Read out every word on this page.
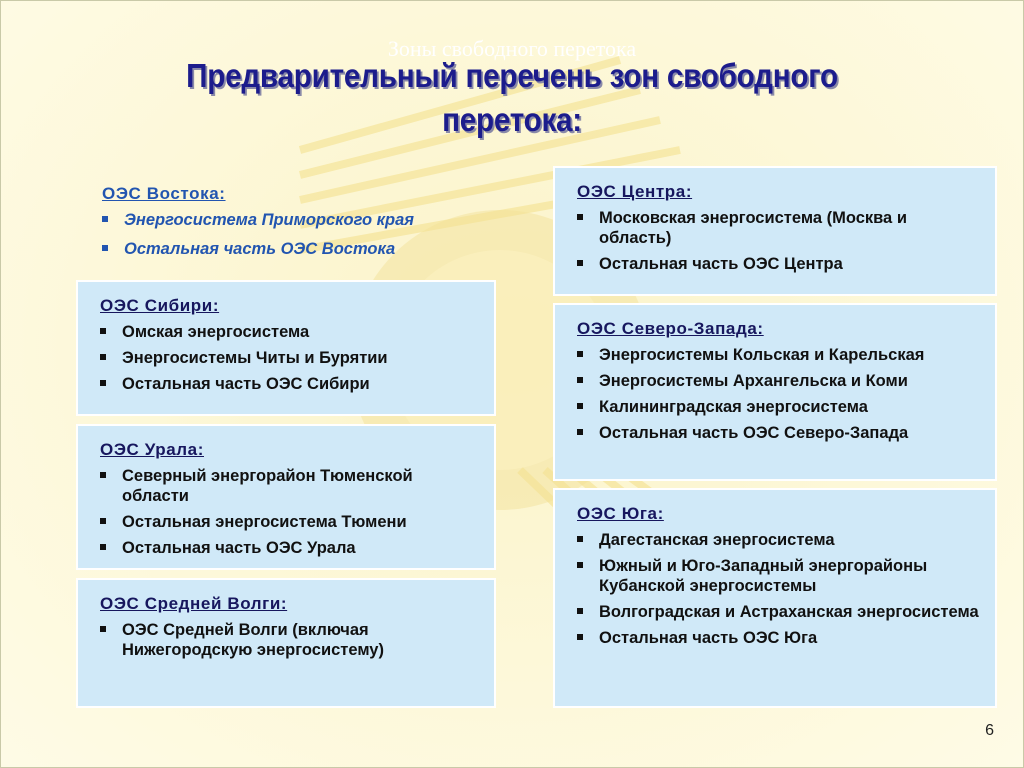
Зоны свободного перетока
Предварительный перечень зон свободного
перетока:
ОЭС Востока:
Энергосистема Приморского края
Остальная часть ОЭС Востока
ОЭС Сибири:
Омская энергосистема
Энергосистемы Читы и Бурятии
Остальная часть ОЭС Сибири
ОЭС Урала:
Северный энергорайон Тюменской области
Остальная энергосистема Тюмени
Остальная часть ОЭС Урала
ОЭС Средней Волги:
ОЭС Средней Волги (включая Нижегородскую энергосистему)
ОЭС Центра:
Московская энергосистема (Москва и область)
Остальная часть ОЭС Центра
ОЭС Северо-Запада:
Энергосистемы Кольская и Карельская
Энергосистемы Архангельска и Коми
Калининградская энергосистема
Остальная часть ОЭС Северо-Запада
ОЭС Юга:
Дагестанская энергосистема
Южный и Юго-Западный энергорайоны Кубанской энергосистемы
Волгоградская и Астраханская энергосистема
Остальная часть ОЭС Юга
6
